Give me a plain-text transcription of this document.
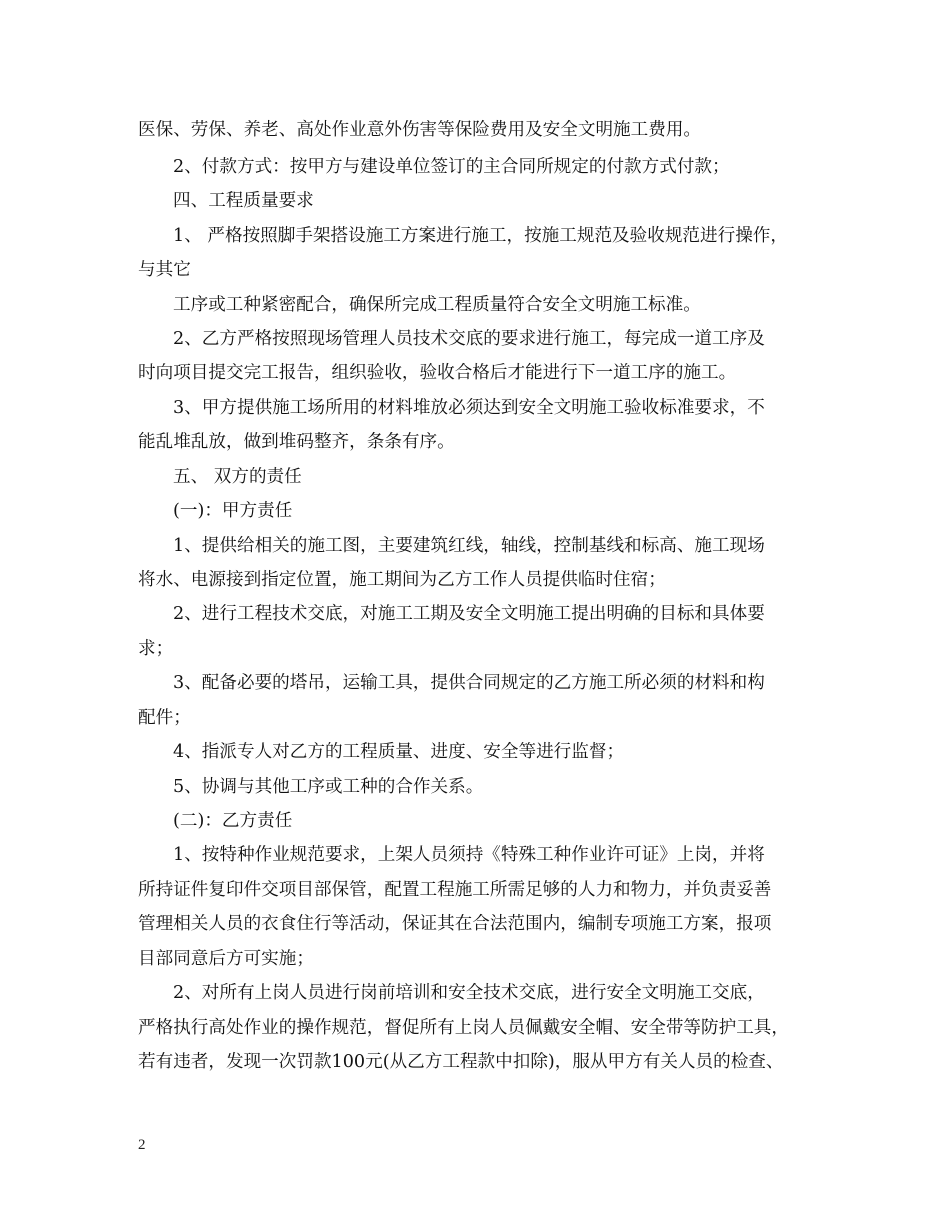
医保、劳保、养老、高处作业意外伤害等保险费用及安全文明施工费用。
2、付款方式：按甲方与建设单位签订的主合同所规定的付款方式付款；
四、工程质量要求
1、 严格按照脚手架搭设施工方案进行施工，按施工规范及验收规范进行操作，
与其它
工序或工种紧密配合，确保所完成工程质量符合安全文明施工标准。
2、乙方严格按照现场管理人员技术交底的要求进行施工，每完成一道工序及
时向项目提交完工报告，组织验收，验收合格后才能进行下一道工序的施工。
3、甲方提供施工场所用的材料堆放必须达到安全文明施工验收标准要求，不
能乱堆乱放，做到堆码整齐，条条有序。
五、 双方的责任
(一)：甲方责任
1、提供给相关的施工图，主要建筑红线，轴线，控制基线和标高、施工现场
将水、电源接到指定位置，施工期间为乙方工作人员提供临时住宿；
2、进行工程技术交底，对施工工期及安全文明施工提出明确的目标和具体要
求；
3、配备必要的塔吊，运输工具，提供合同规定的乙方施工所必须的材料和构
配件；
4、指派专人对乙方的工程质量、进度、安全等进行监督；
5、协调与其他工序或工种的合作关系。
(二)：乙方责任
1、按特种作业规范要求，上架人员须持《特殊工种作业许可证》上岗，并将
所持证件复印件交项目部保管，配置工程施工所需足够的人力和物力，并负责妥善
管理相关人员的衣食住行等活动，保证其在合法范围内，编制专项施工方案，报项
目部同意后方可实施；
2、对所有上岗人员进行岗前培训和安全技术交底，进行安全文明施工交底，
严格执行高处作业的操作规范，督促所有上岗人员佩戴安全帽、安全带等防护工具，
若有违者，发现一次罚款100元(从乙方工程款中扣除)，服从甲方有关人员的检查、
2
